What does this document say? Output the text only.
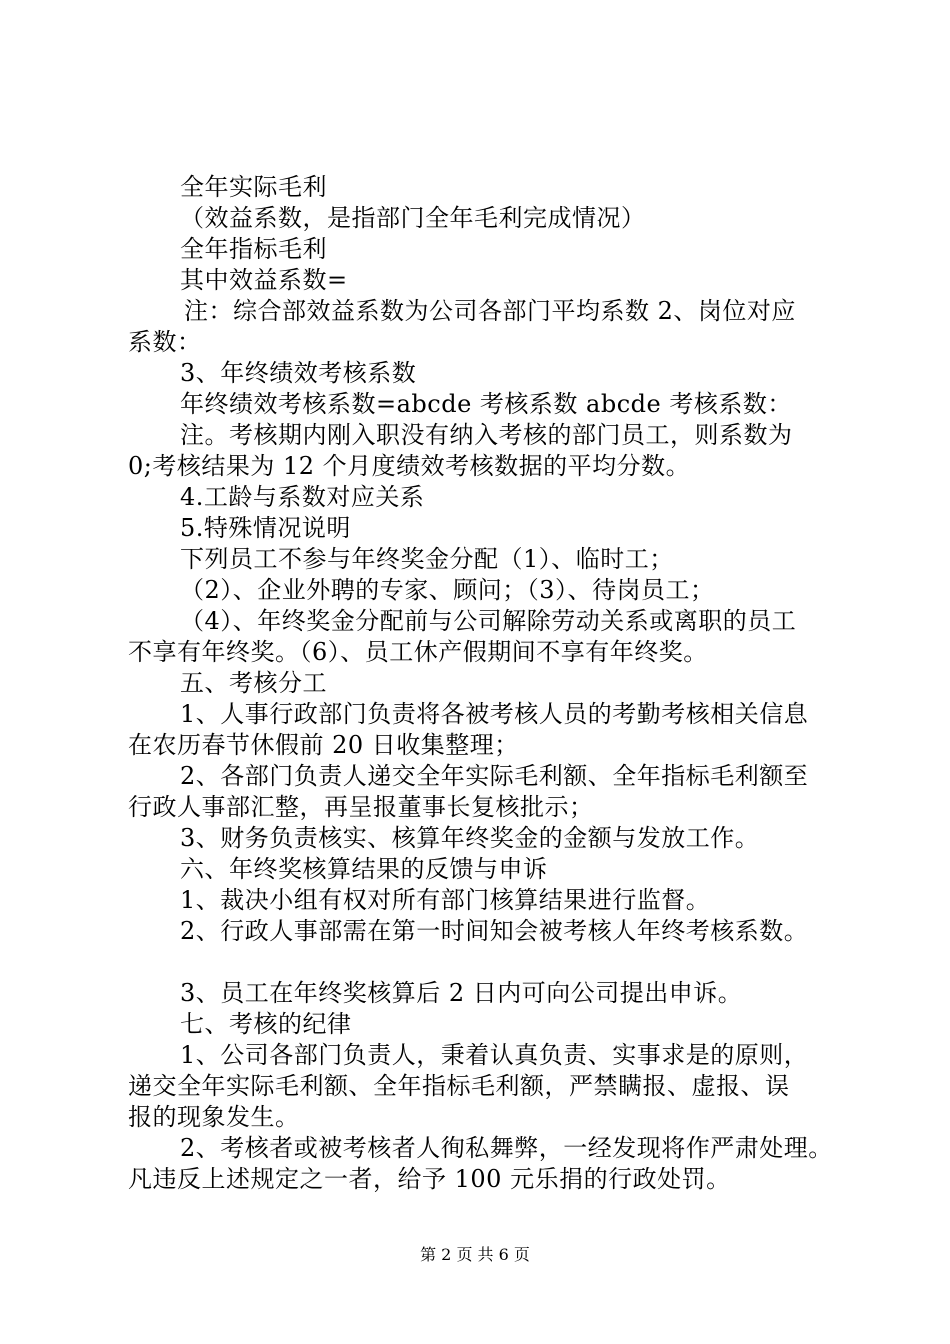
全年实际毛利
（效益系数，是指部门全年毛利完成情况）
全年指标毛利
其中效益系数=
注：综合部效益系数为公司各部门平均系数 2、岗位对应
系数：
3、年终绩效考核系数
年终绩效考核系数=abcde 考核系数 abcde 考核系数：
注。考核期内刚入职没有纳入考核的部门员工，则系数为
0;考核结果为 12 个月度绩效考核数据的平均分数。
4.工龄与系数对应关系
5.特殊情况说明
下列员工不参与年终奖金分配（1）、临时工；
（2）、企业外聘的专家、顾问；（3）、待岗员工；
（4）、年终奖金分配前与公司解除劳动关系或离职的员工
不享有年终奖。（6）、员工休产假期间不享有年终奖。
五、考核分工
1、人事行政部门负责将各被考核人员的考勤考核相关信息
在农历春节休假前 20 日收集整理；
2、各部门负责人递交全年实际毛利额、全年指标毛利额至
行政人事部汇整，再呈报董事长复核批示；
3、财务负责核实、核算年终奖金的金额与发放工作。
六、年终奖核算结果的反馈与申诉
1、裁决小组有权对所有部门核算结果进行监督。
2、行政人事部需在第一时间知会被考核人年终考核系数。
3、员工在年终奖核算后 2 日内可向公司提出申诉。
七、考核的纪律
1、公司各部门负责人，秉着认真负责、实事求是的原则，
递交全年实际毛利额、全年指标毛利额，严禁瞒报、虚报、误
报的现象发生。
2、考核者或被考核者人徇私舞弊，一经发现将作严肃处理。
凡违反上述规定之一者，给予 100 元乐捐的行政处罚。
第 2 页 共 6 页
